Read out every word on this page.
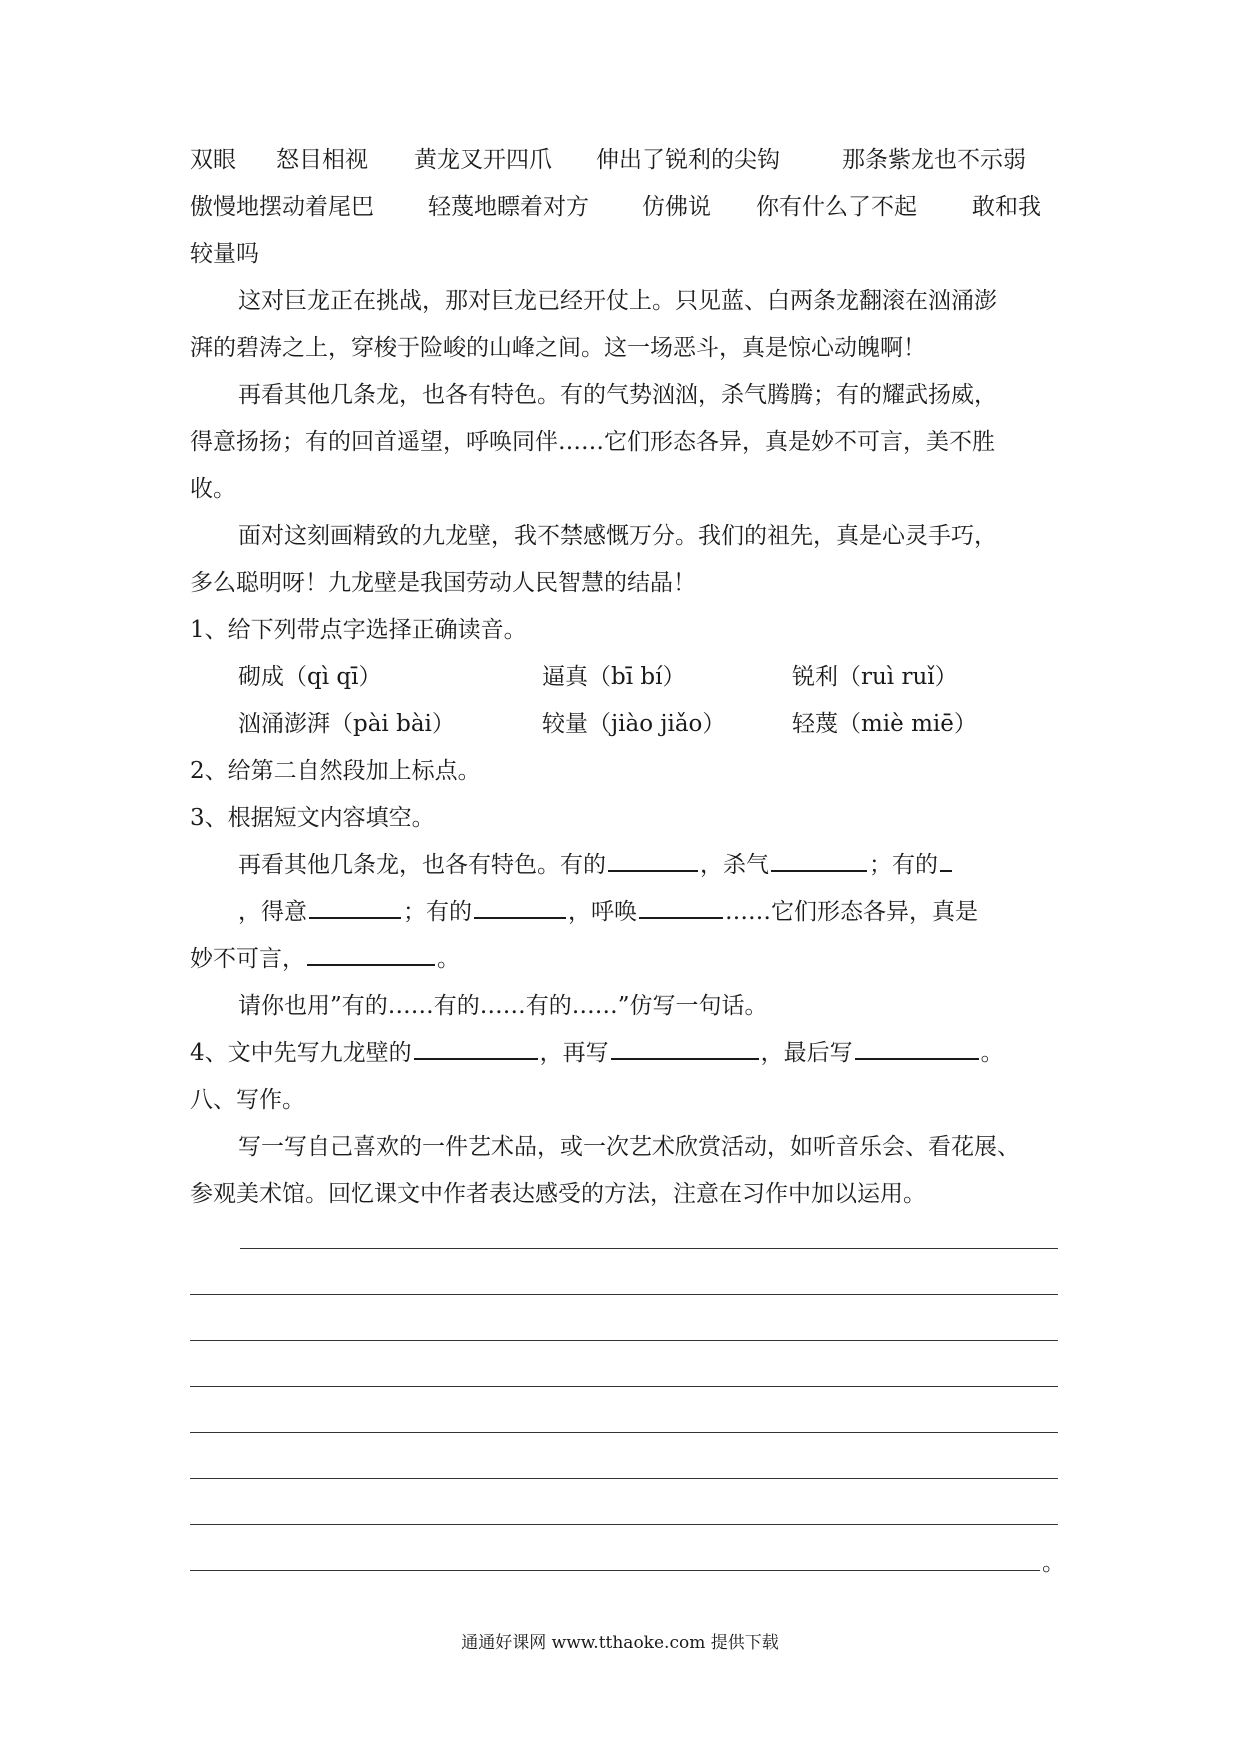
双眼 怒目相视 黄龙叉开四爪 伸出了锐利的尖钩	那条紫龙也不示弱
傲慢地摆动着尾巴 轻蔑地瞟着对方 仿佛说 你有什么了不起 敢和我
较量吗
这对巨龙正在挑战，那对巨龙已经开仗上。只见蓝、白两条龙翻滚在汹涌澎
湃的碧涛之上，穿梭于险峻的山峰之间。这一场恶斗，真是惊心动魄啊！
再看其他几条龙，也各有特色。有的气势汹汹，杀气腾腾；有的耀武扬威，
得意扬扬；有的回首遥望，呼唤同伴……它们形态各异，真是妙不可言，美不胜
收。
面对这刻画精致的九龙壁，我不禁感慨万分。我们的祖先，真是心灵手巧，
多么聪明呀！九龙壁是我国劳动人民智慧的结晶！
1、给下列带点字选择正确读音。
砌成（qì qī）	逼真（bī bí）	锐利（ruì ruǐ）
汹涌澎湃（pài bài）	较量（jiào jiǎo）	轻蔑（miè miē）
2、给第二自然段加上标点。
3、根据短文内容填空。
再看其他几条龙，也各有特色。有的	，杀气	；有的
，得意	；有的	，呼唤	……它们形态各异，真是
妙不可言，	。
请你也用”有的……有的……有的……”仿写一句话。
4、文中先写九龙壁的	，再写	，最后写	。
八、写作。
写一写自己喜欢的一件艺术品，或一次艺术欣赏活动，如听音乐会、看花展、
参观美术馆。回忆课文中作者表达感受的方法，注意在习作中加以运用。
。
通通好课网 www.tthaoke.com 提供下载
